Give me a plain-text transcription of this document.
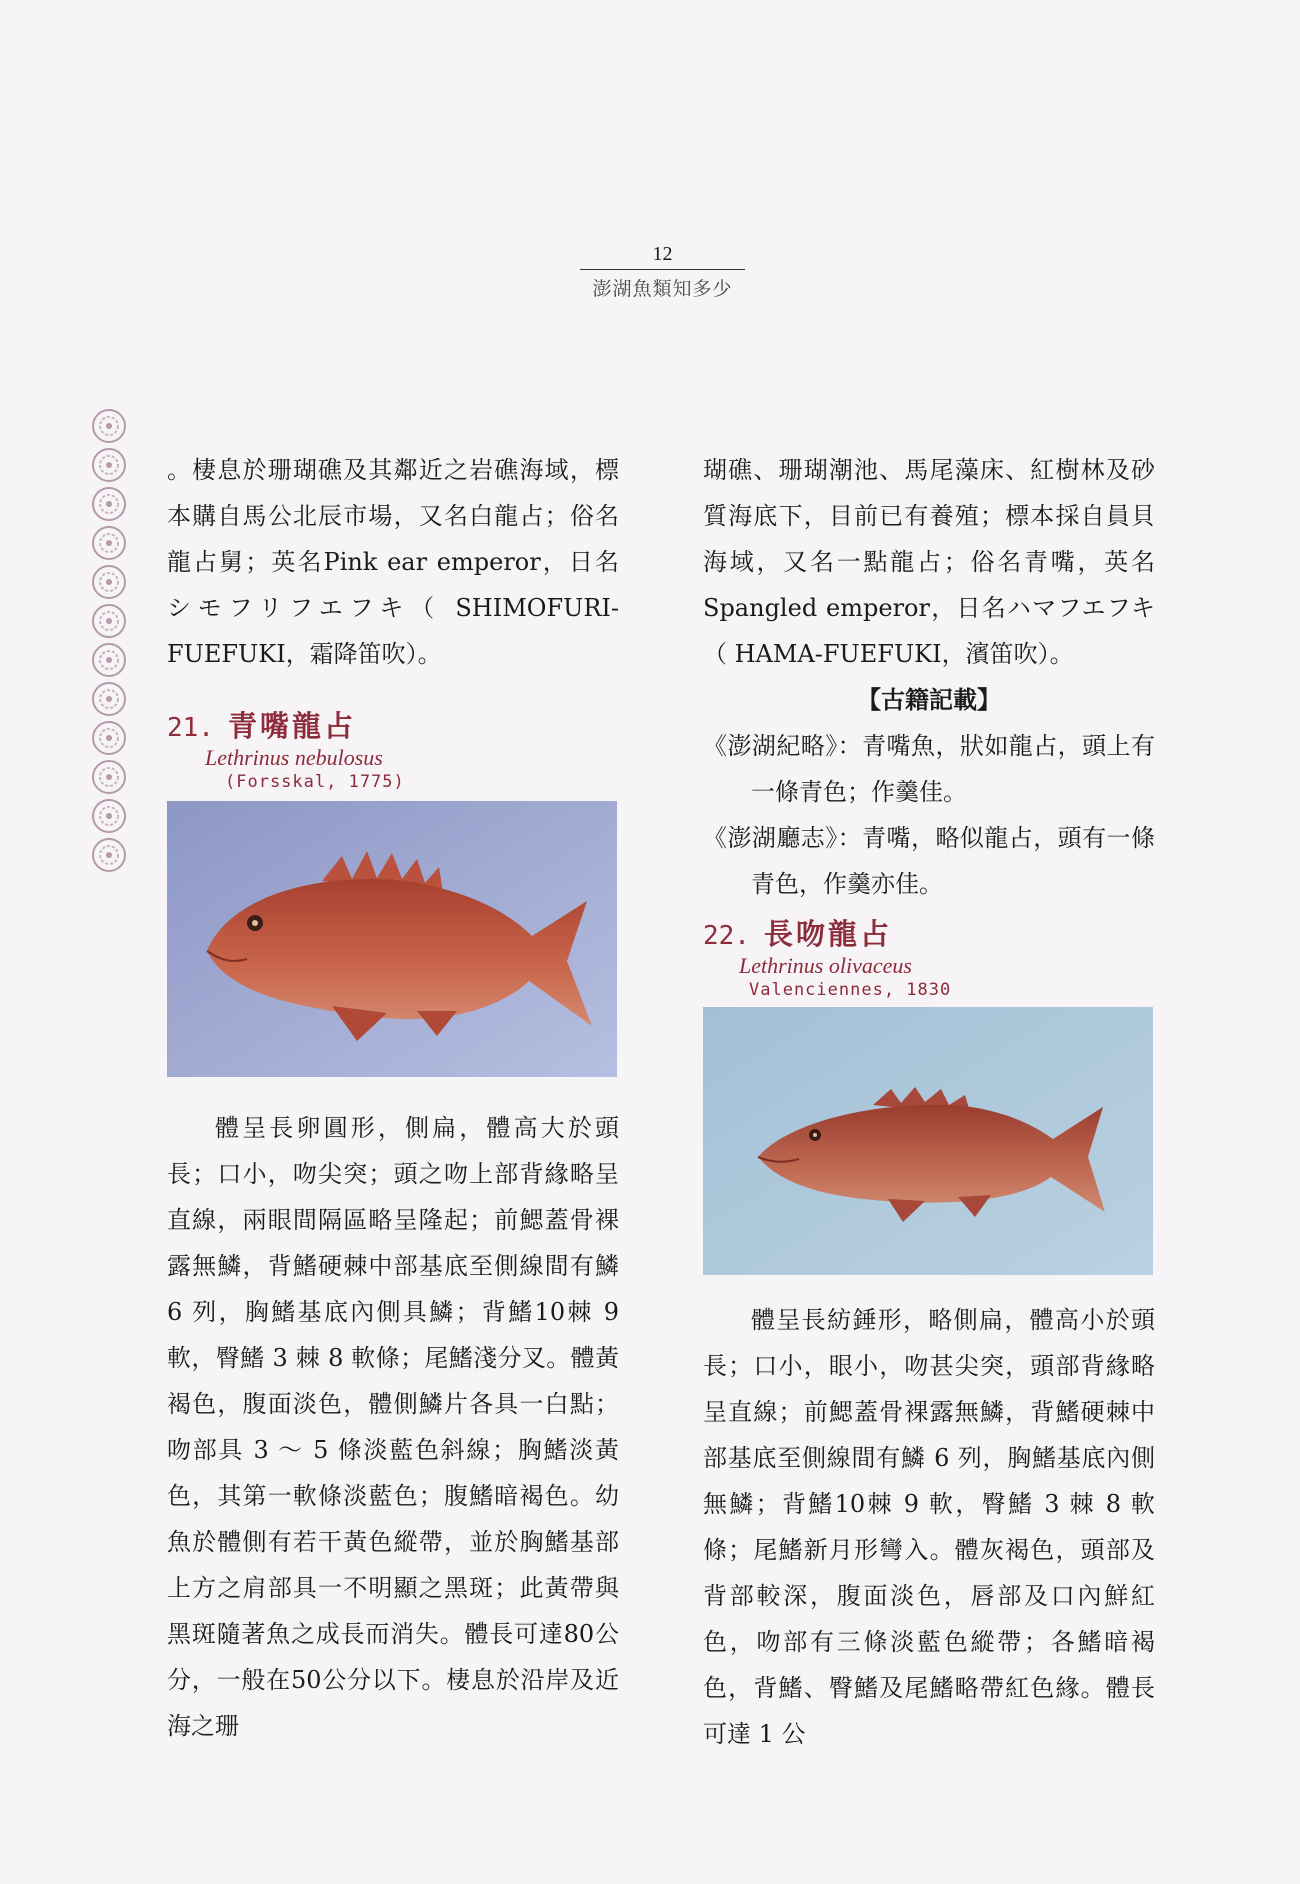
12
澎湖魚類知多少

。棲息於珊瑚礁及其鄰近之岩礁海域，標本購自馬公北辰市場，又名白龍占；俗名龍占舅；英名Pink ear emperor，日名シモフリフエフキ（ SHIMOFURI-FUEFUKI，霜降笛吹）。

21. 青嘴龍占

Lethrinus nebulosus
(Forsskal, 1775)

體呈長卵圓形，側扁，體高大於頭長；口小，吻尖突；頭之吻上部背緣略呈直線，兩眼間隔區略呈隆起；前鰓蓋骨裸露無鱗，背鰭硬棘中部基底至側線間有鱗 6 列，胸鰭基底內側具鱗；背鰭10棘 9 軟，臀鰭 3 棘 8 軟條；尾鰭淺分叉。體黃褐色，腹面淡色，體側鱗片各具一白點；吻部具 3 ～ 5 條淡藍色斜線；胸鰭淡黃色，其第一軟條淡藍色；腹鰭暗褐色。幼魚於體側有若干黃色縱帶，並於胸鰭基部上方之肩部具一不明顯之黑斑；此黃帶與黑斑隨著魚之成長而消失。體長可達80公分，一般在50公分以下。棲息於沿岸及近海之珊

瑚礁、珊瑚潮池、馬尾藻床、紅樹林及砂質海底下，目前已有養殖；標本採自員貝海域，又名一點龍占；俗名青嘴，英名Spangled emperor，日名ハマフエフキ（ HAMA-FUEFUKI，濱笛吹）。

【古籍記載】

《澎湖紀略》：青嘴魚，狀如龍占，頭上有一條青色；作羹佳。

《澎湖廳志》：青嘴，略似龍占，頭有一條青色，作羹亦佳。

22. 長吻龍占

Lethrinus olivaceus
Valenciennes, 1830

體呈長紡錘形，略側扁，體高小於頭長；口小，眼小，吻甚尖突，頭部背緣略呈直線；前鰓蓋骨裸露無鱗，背鰭硬棘中部基底至側線間有鱗 6 列，胸鰭基底內側無鱗；背鰭10棘 9 軟，臀鰭 3 棘 8 軟條；尾鰭新月形彎入。體灰褐色，頭部及背部較深，腹面淡色，唇部及口內鮮紅色，吻部有三條淡藍色縱帶；各鰭暗褐色，背鰭、臀鰭及尾鰭略帶紅色緣。體長可達 1 公
